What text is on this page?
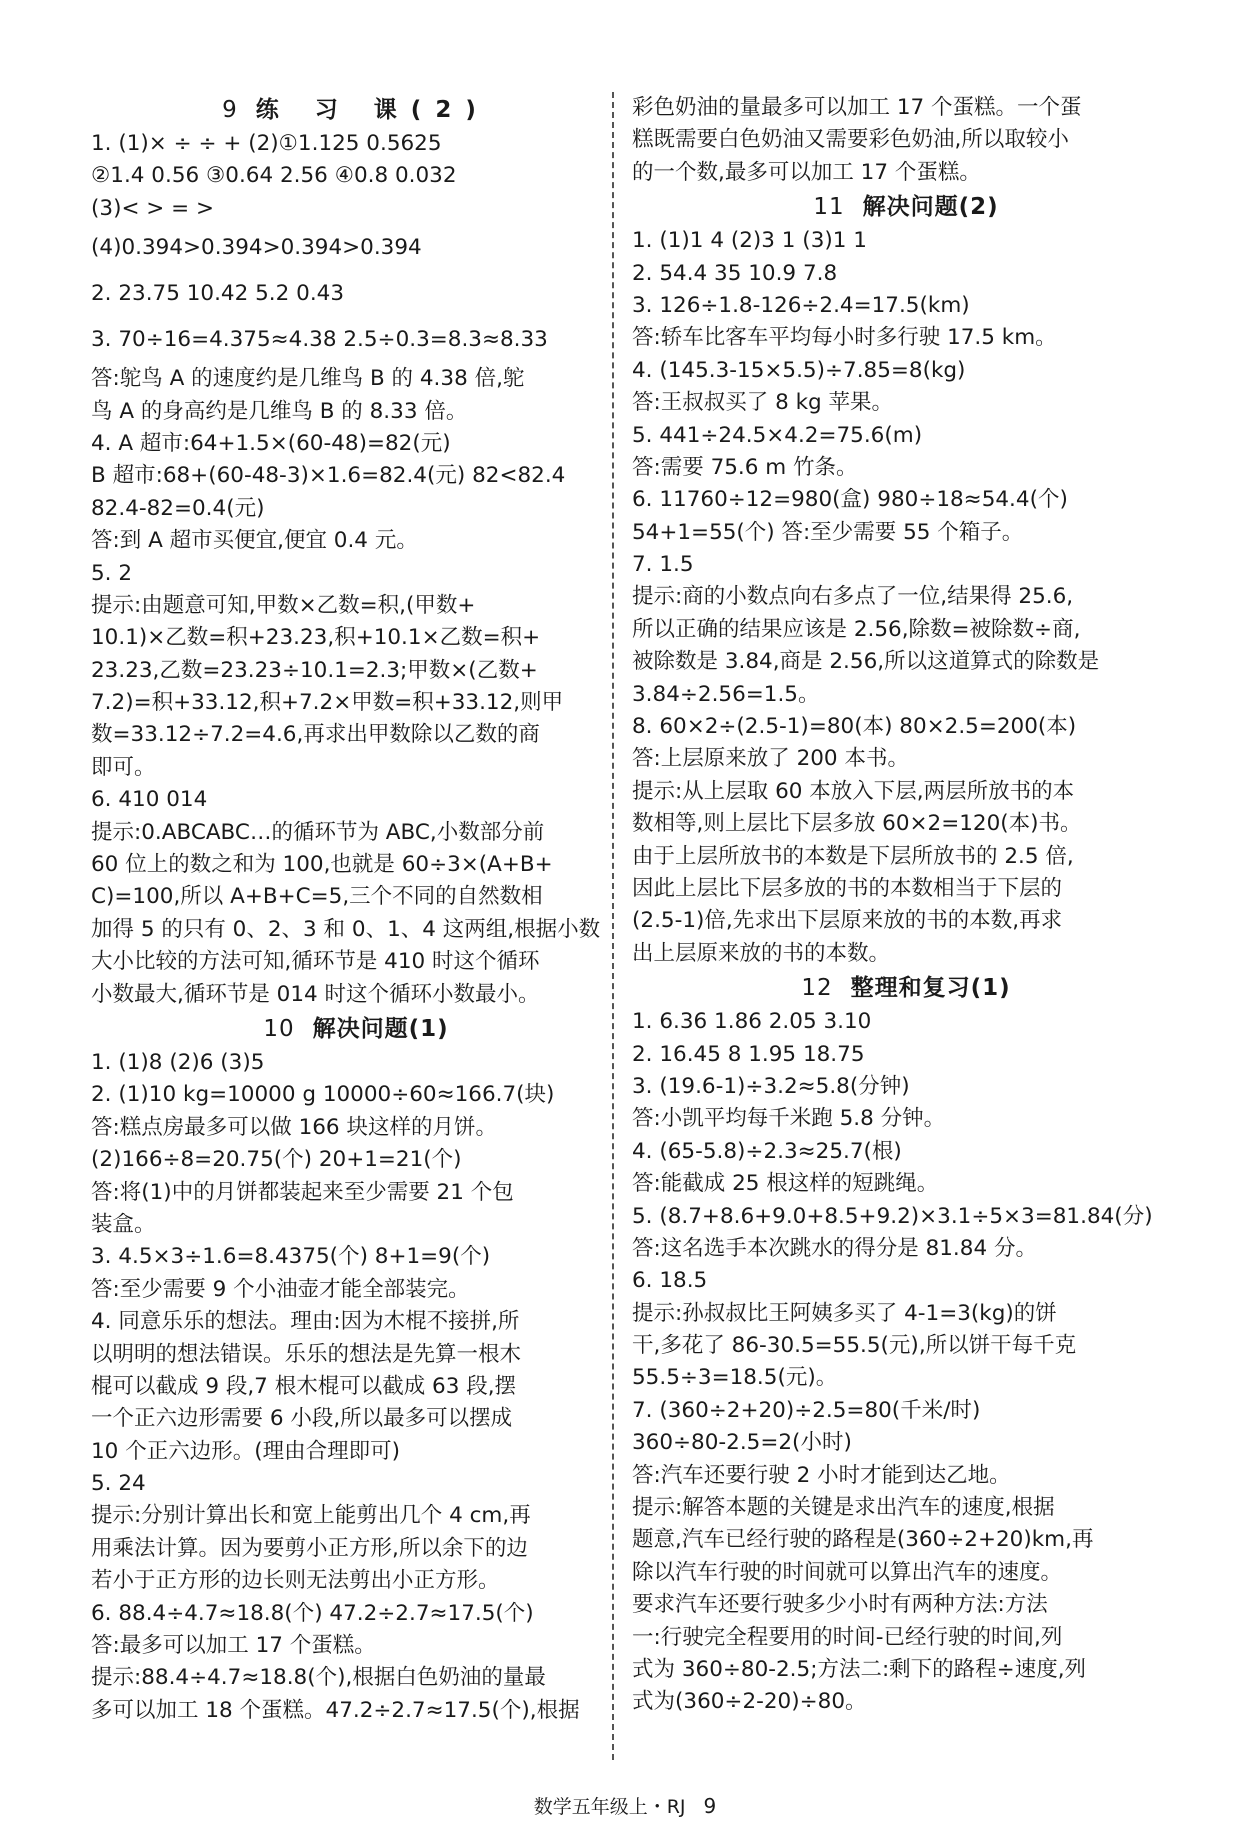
9 练 习 课(2)
1. (1)× ÷ ÷ + (2)①1.125 0.5625
②1.4 0.56 ③0.64 2.56 ④0.8 0.032
(3)< > = >
(4)0.394>0.394>0.394>0.394
2. 23.75 10.42 5.2 0.43
3. 70÷16=4.375≈4.38 2.5÷0.3=8.3≈8.33
答:鸵鸟 A 的速度约是几维鸟 B 的 4.38 倍,鸵
鸟 A 的身高约是几维鸟 B 的 8.33 倍。
4. A 超市:64+1.5×(60-48)=82(元)
B 超市:68+(60-48-3)×1.6=82.4(元) 82<82.4
82.4-82=0.4(元)
答:到 A 超市买便宜,便宜 0.4 元。
5. 2
提示:由题意可知,甲数×乙数=积,(甲数+
10.1)×乙数=积+23.23,积+10.1×乙数=积+
23.23,乙数=23.23÷10.1=2.3;甲数×(乙数+
7.2)=积+33.12,积+7.2×甲数=积+33.12,则甲
数=33.12÷7.2=4.6,再求出甲数除以乙数的商
即可。
6. 410 014
提示:0.ABCABC…的循环节为 ABC,小数部分前
60 位上的数之和为 100,也就是 60÷3×(A+B+
C)=100,所以 A+B+C=5,三个不同的自然数相
加得 5 的只有 0、2、3 和 0、1、4 这两组,根据小数
大小比较的方法可知,循环节是 410 时这个循环
小数最大,循环节是 014 时这个循环小数最小。
10 解决问题(1)
1. (1)8 (2)6 (3)5
2. (1)10 kg=10000 g 10000÷60≈166.7(块)
答:糕点房最多可以做 166 块这样的月饼。
(2)166÷8=20.75(个) 20+1=21(个)
答:将(1)中的月饼都装起来至少需要 21 个包
装盒。
3. 4.5×3÷1.6=8.4375(个) 8+1=9(个)
答:至少需要 9 个小油壶才能全部装完。
4. 同意乐乐的想法。理由:因为木棍不接拼,所
以明明的想法错误。乐乐的想法是先算一根木
棍可以截成 9 段,7 根木棍可以截成 63 段,摆
一个正六边形需要 6 小段,所以最多可以摆成
10 个正六边形。(理由合理即可)
5. 24
提示:分别计算出长和宽上能剪出几个 4 cm,再
用乘法计算。因为要剪小正方形,所以余下的边
若小于正方形的边长则无法剪出小正方形。
6. 88.4÷4.7≈18.8(个) 47.2÷2.7≈17.5(个)
答:最多可以加工 17 个蛋糕。
提示:88.4÷4.7≈18.8(个),根据白色奶油的量最
多可以加工 18 个蛋糕。47.2÷2.7≈17.5(个),根据
彩色奶油的量最多可以加工 17 个蛋糕。一个蛋
糕既需要白色奶油又需要彩色奶油,所以取较小
的一个数,最多可以加工 17 个蛋糕。
11 解决问题(2)
1. (1)1 4 (2)3 1 (3)1 1
2. 54.4 35 10.9 7.8
3. 126÷1.8-126÷2.4=17.5(km)
答:轿车比客车平均每小时多行驶 17.5 km。
4. (145.3-15×5.5)÷7.85=8(kg)
答:王叔叔买了 8 kg 苹果。
5. 441÷24.5×4.2=75.6(m)
答:需要 75.6 m 竹条。
6. 11760÷12=980(盒) 980÷18≈54.4(个)
54+1=55(个) 答:至少需要 55 个箱子。
7. 1.5
提示:商的小数点向右多点了一位,结果得 25.6,
所以正确的结果应该是 2.56,除数=被除数÷商,
被除数是 3.84,商是 2.56,所以这道算式的除数是
3.84÷2.56=1.5。
8. 60×2÷(2.5-1)=80(本) 80×2.5=200(本)
答:上层原来放了 200 本书。
提示:从上层取 60 本放入下层,两层所放书的本
数相等,则上层比下层多放 60×2=120(本)书。
由于上层所放书的本数是下层所放书的 2.5 倍,
因此上层比下层多放的书的本数相当于下层的
(2.5-1)倍,先求出下层原来放的书的本数,再求
出上层原来放的书的本数。
12 整理和复习(1)
1. 6.36 1.86 2.05 3.10
2. 16.45 8 1.95 18.75
3. (19.6-1)÷3.2≈5.8(分钟)
答:小凯平均每千米跑 5.8 分钟。
4. (65-5.8)÷2.3≈25.7(根)
答:能截成 25 根这样的短跳绳。
5. (8.7+8.6+9.0+8.5+9.2)×3.1÷5×3=81.84(分)
答:这名选手本次跳水的得分是 81.84 分。
6. 18.5
提示:孙叔叔比王阿姨多买了 4-1=3(kg)的饼
干,多花了 86-30.5=55.5(元),所以饼干每千克
55.5÷3=18.5(元)。
7. (360÷2+20)÷2.5=80(千米/时)
360÷80-2.5=2(小时)
答:汽车还要行驶 2 小时才能到达乙地。
提示:解答本题的关键是求出汽车的速度,根据
题意,汽车已经行驶的路程是(360÷2+20)km,再
除以汽车行驶的时间就可以算出汽车的速度。
要求汽车还要行驶多少小时有两种方法:方法
一:行驶完全程要用的时间-已经行驶的时间,列
式为 360÷80-2.5;方法二:剩下的路程÷速度,列
式为(360÷2-20)÷80。
数学五年级上・RJ 9
